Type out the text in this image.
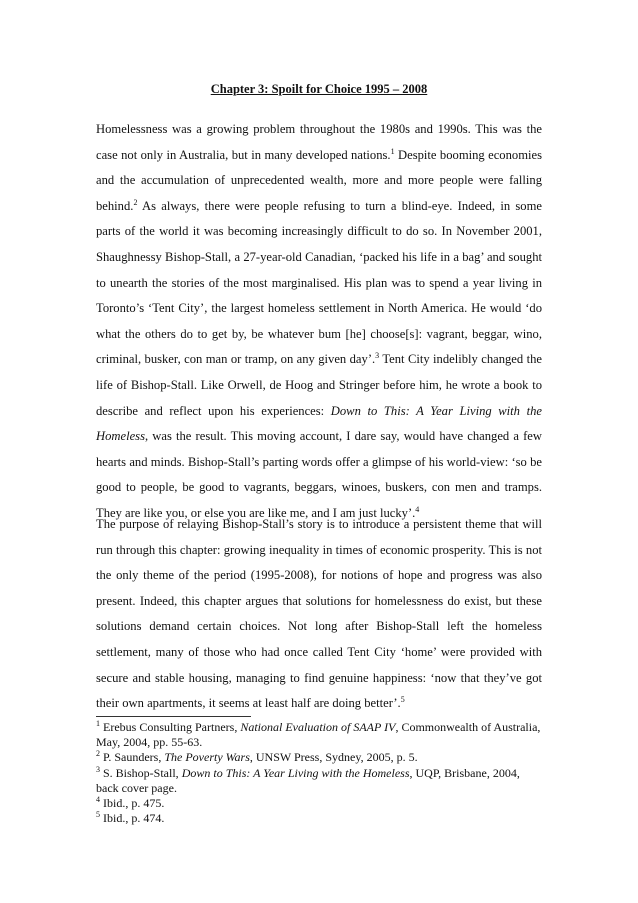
Chapter 3: Spoilt for Choice 1995 – 2008

Homelessness was a growing problem throughout the 1980s and 1990s. This was the case not only in Australia, but in many developed nations.$^1$ Despite booming economies and the accumulation of unprecedented wealth, more and more people were falling behind.$^2$ As always, there were people refusing to turn a blind-eye. Indeed, in some parts of the world it was becoming increasingly difficult to do so. In November 2001, Shaughnessy Bishop-Stall, a 27-year-old Canadian, ‘packed his life in a bag’ and sought to unearth the stories of the most marginalised. His plan was to spend a year living in Toronto’s ‘Tent City’, the largest homeless settlement in North America. He would ‘do what the others do to get by, be whatever bum [he] choose[s]: vagrant, beggar, wino, criminal, busker, con man or tramp, on any given day’.$^3$ Tent City indelibly changed the life of Bishop-Stall. Like Orwell, de Hoog and Stringer before him, he wrote a book to describe and reflect upon his experiences: Down to This: A Year Living with the Homeless, was the result. This moving account, I dare say, would have changed a few hearts and minds. Bishop-Stall’s parting words offer a glimpse of his world-view: ‘so be good to people, be good to vagrants, beggars, winoes, buskers, con men and tramps. They are like you, or else you are like me, and I am just lucky’.$^4$

The purpose of relaying Bishop-Stall’s story is to introduce a persistent theme that will run through this chapter: growing inequality in times of economic prosperity. This is not the only theme of the period (1995-2008), for notions of hope and progress was also present. Indeed, this chapter argues that solutions for homelessness do exist, but these solutions demand certain choices. Not long after Bishop-Stall left the homeless settlement, many of those who had once called Tent City ‘home’ were provided with secure and stable housing, managing to find genuine happiness: ‘now that they’ve got their own apartments, it seems at least half are doing better’.$^5$

$^1$ Erebus Consulting Partners, National Evaluation of SAAP IV, Commonwealth of Australia, May, 2004, pp. 55-63.

$^2$ P. Saunders, The Poverty Wars, UNSW Press, Sydney, 2005, p. 5.

$^3$ S. Bishop-Stall, Down to This: A Year Living with the Homeless, UQP, Brisbane, 2004, back cover page.

$^4$ Ibid., p. 475.

$^5$ Ibid., p. 474.
